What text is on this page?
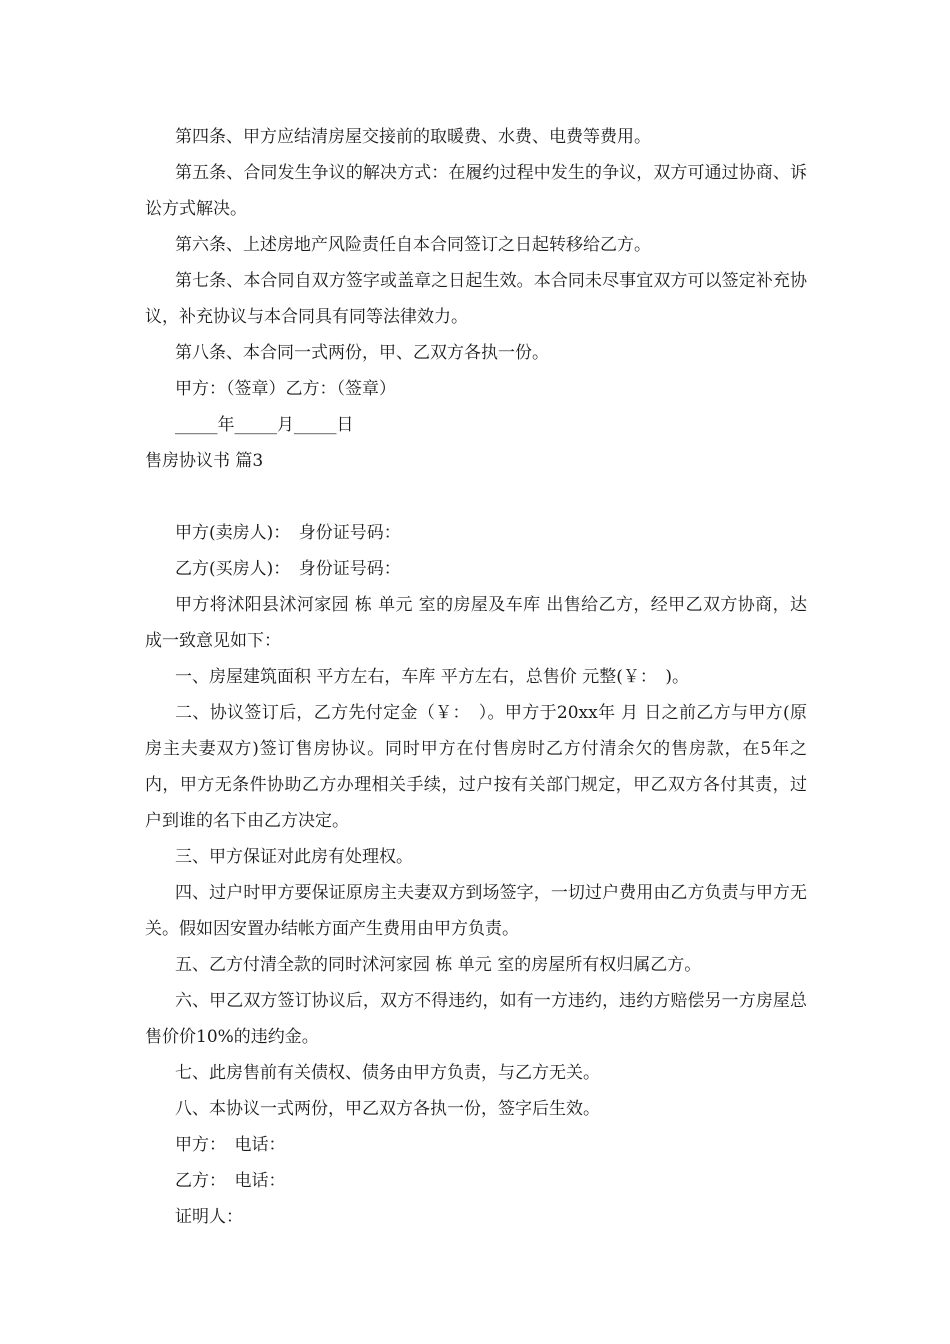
第四条、甲方应结清房屋交接前的取暖费、水费、电费等费用。

第五条、合同发生争议的解决方式：在履约过程中发生的争议，双方可通过协商、诉讼方式解决。

第六条、上述房地产风险责任自本合同签订之日起转移给乙方。

第七条、本合同自双方签字或盖章之日起生效。本合同未尽事宜双方可以签定补充协议，补充协议与本合同具有同等法律效力。

第八条、本合同一式两份，甲、乙双方各执一份。

甲方：（签章）乙方：（签章）

_____年_____月_____日

售房协议书 篇3

甲方(卖房人)：　身份证号码：

乙方(买房人)：　身份证号码：

甲方将沭阳县沭河家园 栋 单元 室的房屋及车库 出售给乙方，经甲乙双方协商，达成一致意见如下：

一、房屋建筑面积 平方左右，车库 平方左右，总售价 元整(￥：　)。

二、协议签订后，乙方先付定金（￥：　）。甲方于20xx年 月 日之前乙方与甲方(原房主夫妻双方)签订售房协议。同时甲方在付售房时乙方付清余欠的售房款，在5年之内，甲方无条件协助乙方办理相关手续，过户按有关部门规定，甲乙双方各付其责，过户到谁的名下由乙方决定。

三、甲方保证对此房有处理权。

四、过户时甲方要保证原房主夫妻双方到场签字，一切过户费用由乙方负责与甲方无关。假如因安置办结帐方面产生费用由甲方负责。

五、乙方付清全款的同时沭河家园 栋 单元 室的房屋所有权归属乙方。

六、甲乙双方签订协议后，双方不得违约，如有一方违约，违约方赔偿另一方房屋总售价价10%的违约金。

七、此房售前有关债权、债务由甲方负责，与乙方无关。

八、本协议一式两份，甲乙双方各执一份，签字后生效。

甲方：　电话：

乙方：　电话：

证明人：
